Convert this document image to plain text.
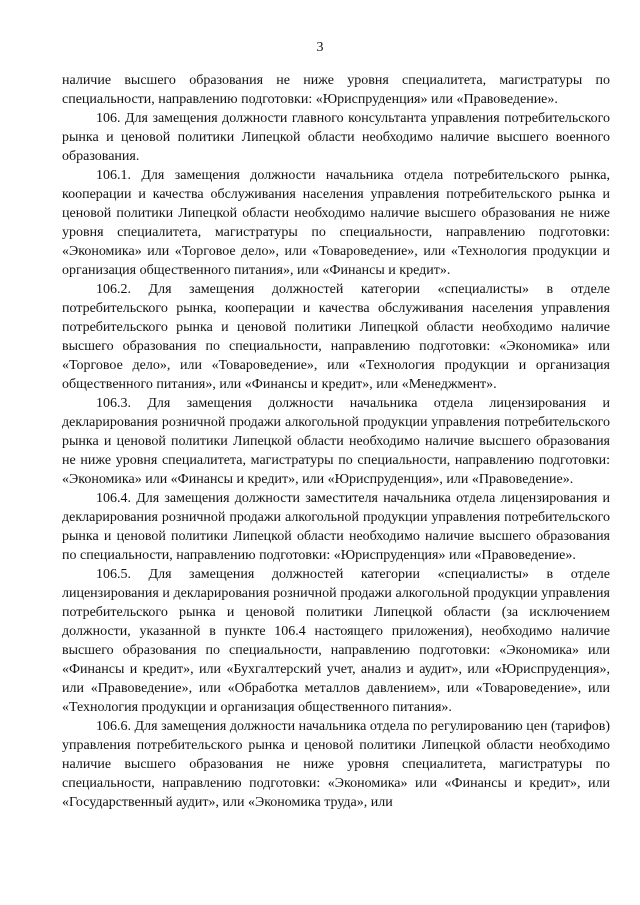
3

наличие высшего образования не ниже уровня специалитета, магистратуры по специальности, направлению подготовки: «Юриспруденция» или «Правоведение».

106. Для замещения должности главного консультанта управления потребительского рынка и ценовой политики Липецкой области необходимо наличие высшего военного образования.

106.1. Для замещения должности начальника отдела потребительского рынка, кооперации и качества обслуживания населения управления потребительского рынка и ценовой политики Липецкой области необходимо наличие высшего образования не ниже уровня специалитета, магистратуры по специальности, направлению подготовки: «Экономика» или «Торговое дело», или «Товароведение», или «Технология продукции и организация общественного питания», или «Финансы и кредит».

106.2. Для замещения должностей категории «специалисты» в отделе потребительского рынка, кооперации и качества обслуживания населения управления потребительского рынка и ценовой политики Липецкой области необходимо наличие высшего образования по специальности, направлению подготовки: «Экономика» или «Торговое дело», или «Товароведение», или «Технология продукции и организация общественного питания», или «Финансы и кредит», или «Менеджмент».

106.3. Для замещения должности начальника отдела лицензирования и декларирования розничной продажи алкогольной продукции управления потребительского рынка и ценовой политики Липецкой области необходимо наличие высшего образования не ниже уровня специалитета, магистратуры по специальности, направлению подготовки: «Экономика» или «Финансы и кредит», или «Юриспруденция», или «Правоведение».

106.4. Для замещения должности заместителя начальника отдела лицензирования и декларирования розничной продажи алкогольной продукции управления потребительского рынка и ценовой политики Липецкой области необходимо наличие высшего образования по специальности, направлению подготовки: «Юриспруденция» или «Правоведение».

106.5. Для замещения должностей категории «специалисты» в отделе лицензирования и декларирования розничной продажи алкогольной продукции управления потребительского рынка и ценовой политики Липецкой области (за исключением должности, указанной в пункте 106.4 настоящего приложения), необходимо наличие высшего образования по специальности, направлению подготовки: «Экономика» или «Финансы и кредит», или «Бухгалтерский учет, анализ и аудит», или «Юриспруденция», или «Правоведение», или «Обработка металлов давлением», или «Товароведение», или «Технология продукции и организация общественного питания».

106.6. Для замещения должности начальника отдела по регулированию цен (тарифов) управления потребительского рынка и ценовой политики Липецкой области необходимо наличие высшего образования не ниже уровня специалитета, магистратуры по специальности, направлению подготовки: «Экономика» или «Финансы и кредит», или «Государственный аудит», или «Экономика труда», или
